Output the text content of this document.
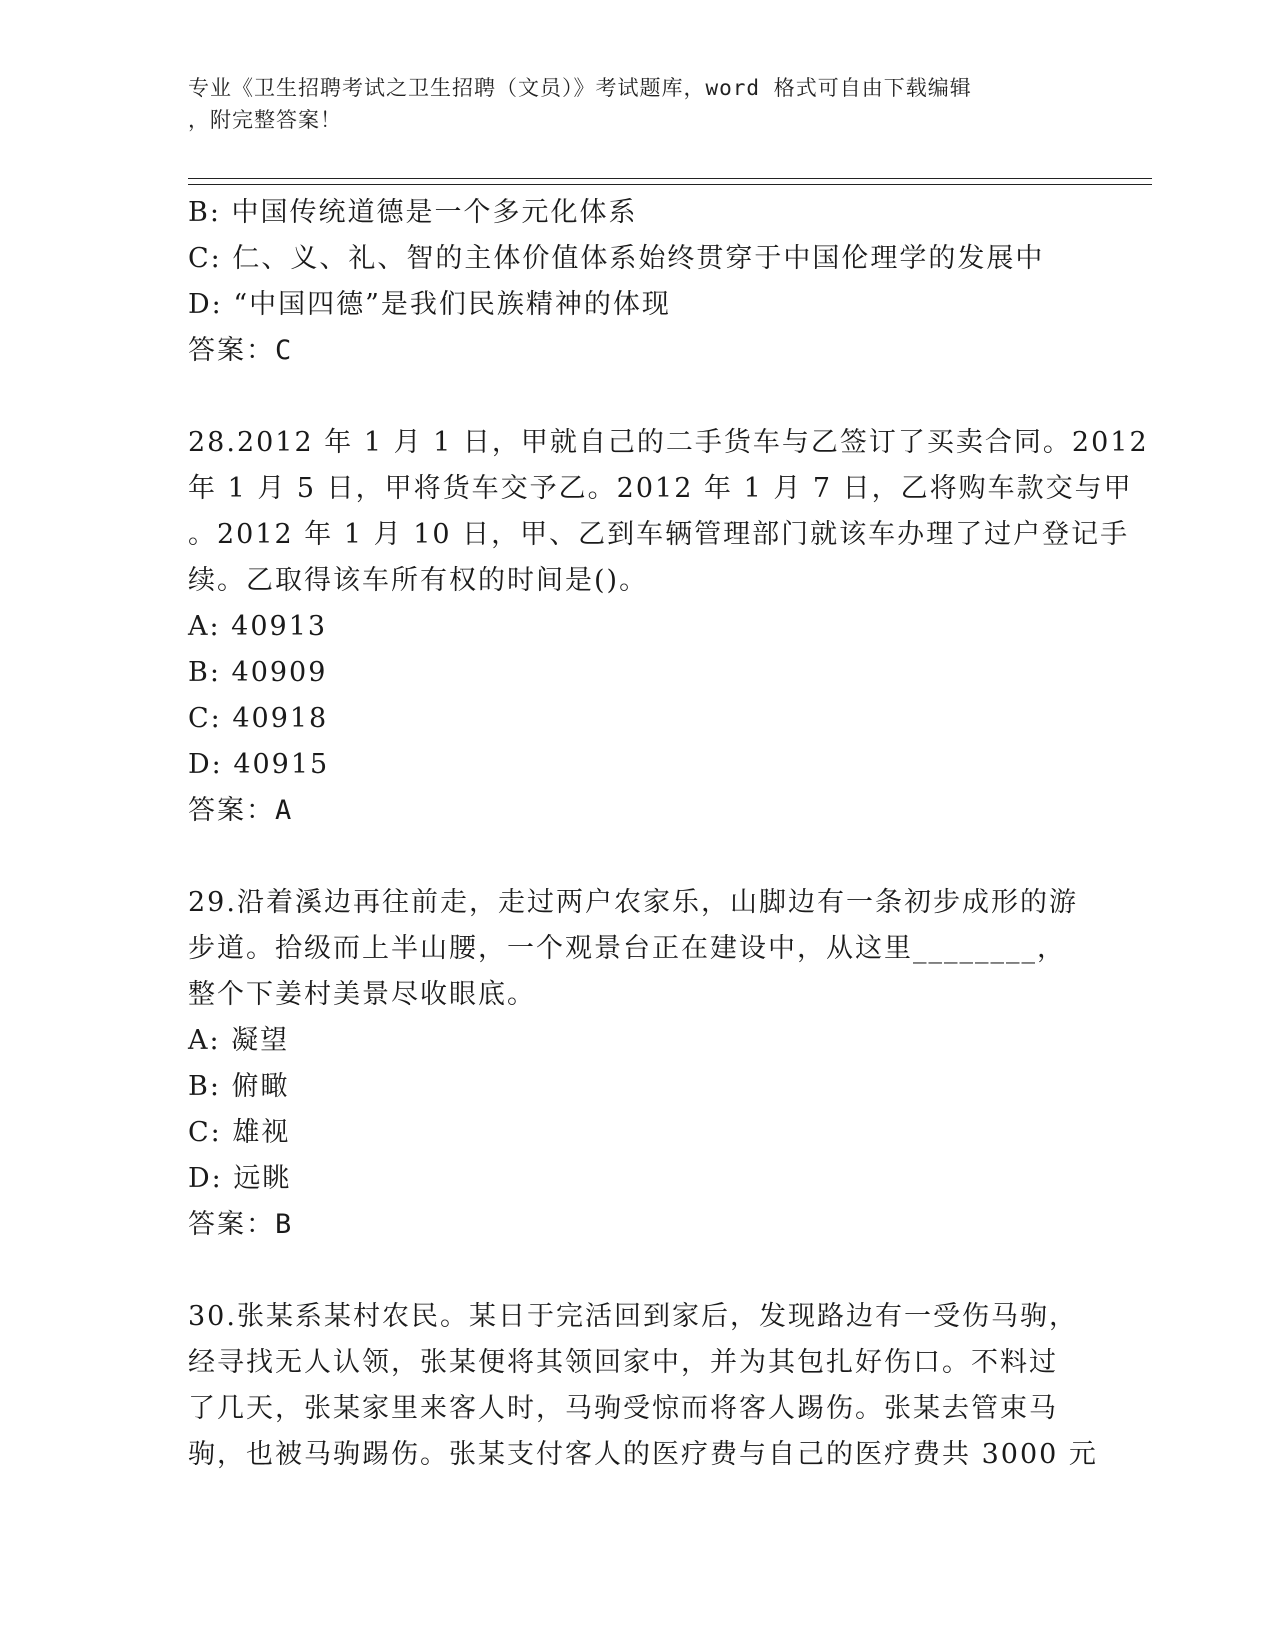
专业《卫生招聘考试之卫生招聘（文员）》考试题库，word 格式可自由下载编辑
，附完整答案！
B: 中国传统道德是一个多元化体系
C: 仁、义、礼、智的主体价值体系始终贯穿于中国伦理学的发展中
D: “中国四德”是我们民族精神的体现
答案：C
28.2012 年 1 月 1 日，甲就自己的二手货车与乙签订了买卖合同。2012
年 1 月 5 日，甲将货车交予乙。2012 年 1 月 7 日，乙将购车款交与甲
。2012 年 1 月 10 日，甲、乙到车辆管理部门就该车办理了过户登记手
续。乙取得该车所有权的时间是()。
A: 40913
B: 40909
C: 40918
D: 40915
答案：A
29.沿着溪边再往前走，走过两户农家乐，山脚边有一条初步成形的游
步道。拾级而上半山腰，一个观景台正在建设中，从这里________，
整个下姜村美景尽收眼底。
A: 凝望
B: 俯瞰
C: 雄视
D: 远眺
答案：B
30.张某系某村农民。某日于完活回到家后，发现路边有一受伤马驹，
经寻找无人认领，张某便将其领回家中，并为其包扎好伤口。不料过
了几天，张某家里来客人时，马驹受惊而将客人踢伤。张某去管束马
驹，也被马驹踢伤。张某支付客人的医疗费与自己的医疗费共 3000 元
